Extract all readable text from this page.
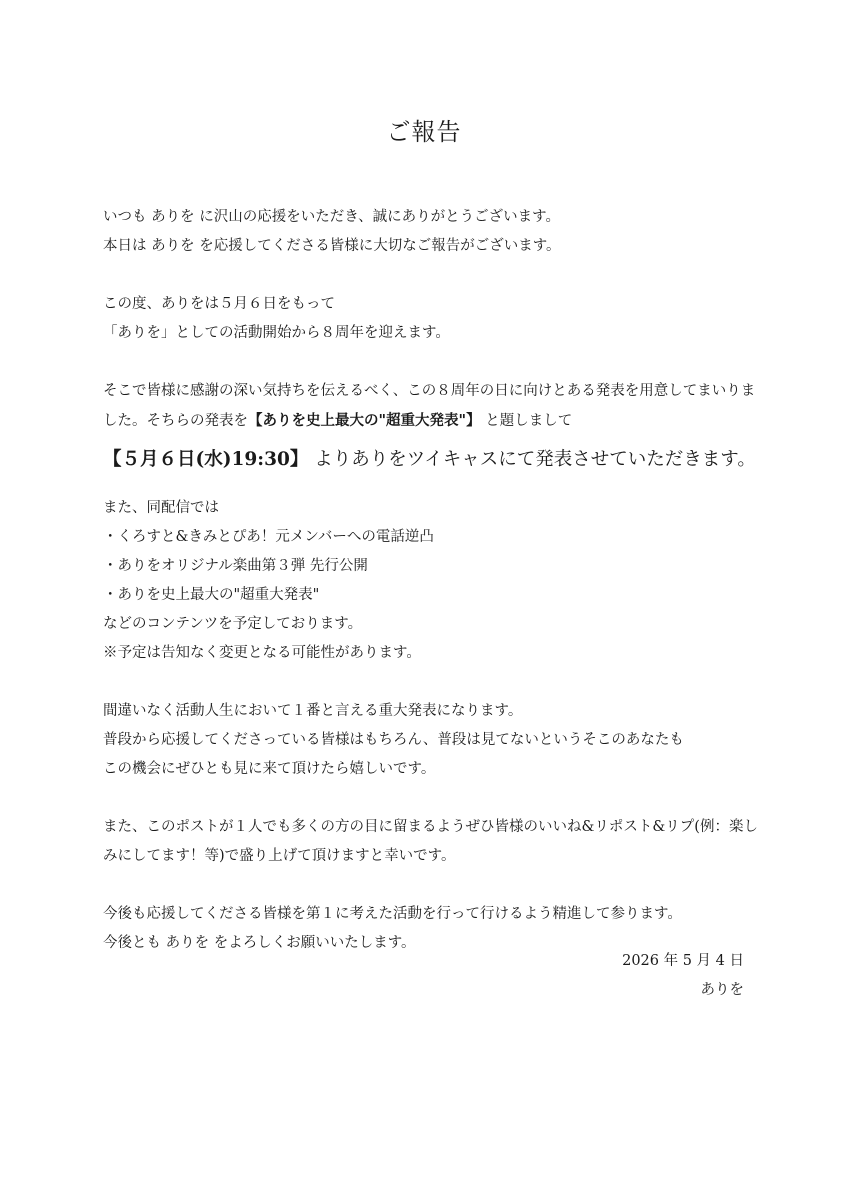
ご報告
いつも ありを に沢山の応援をいただき、誠にありがとうございます。
本日は ありを を応援してくださる皆様に大切なご報告がございます。
この度、ありをは５月６日をもって
「ありを」としての活動開始から８周年を迎えます。
そこで皆様に感謝の深い気持ちを伝えるべく、この８周年の日に向けとある発表を用意してまいりま
した。そちらの発表を【ありを史上最大の"超重大発表"】 と題しまして
【５月６日(水)19:30】 よりありをツイキャスにて発表させていただきます。
また、同配信では
・くろすと&きみとぴあ！元メンバーへの電話逆凸
・ありをオリジナル楽曲第３弾 先行公開
・ありを史上最大の"超重大発表"
などのコンテンツを予定しております。
※予定は告知なく変更となる可能性があります。
間違いなく活動人生において１番と言える重大発表になります。
普段から応援してくださっている皆様はもちろん、普段は見てないというそこのあなたも
この機会にぜひとも見に来て頂けたら嬉しいです。
また、このポストが１人でも多くの方の目に留まるようぜひ皆様のいいね&リポスト&リプ(例：楽し
みにしてます！等)で盛り上げて頂けますと幸いです。
今後も応援してくださる皆様を第１に考えた活動を行って行けるよう精進して参ります。
今後とも ありを をよろしくお願いいたします。
2026 年 5 月 4 日
ありを
